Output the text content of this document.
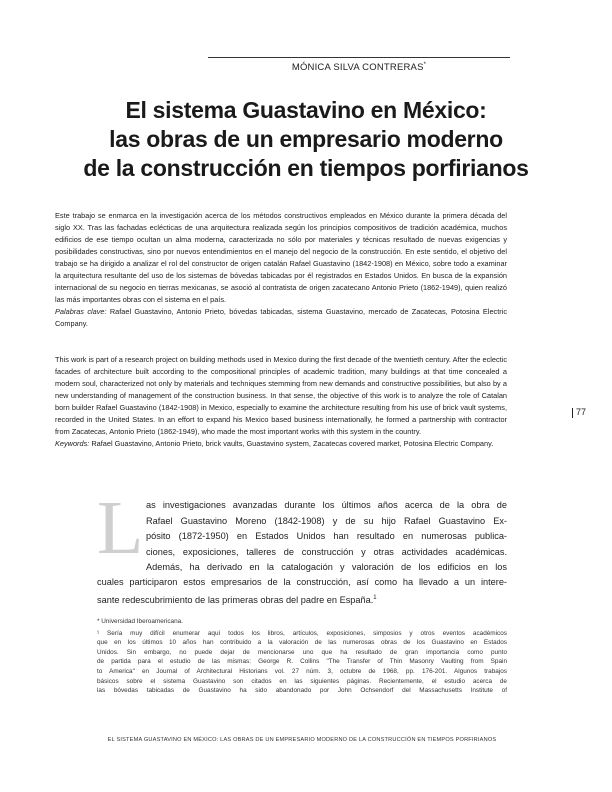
MÓNICA SILVA CONTRERAS*
El sistema Guastavino en México:
las obras de un empresario moderno
de la construcción en tiempos porfirianos

Este trabajo se enmarca en la investigación acerca de los métodos constructivos empleados en México durante la primera década del siglo XX. Tras las fachadas eclécticas de una arquitectura realizada según los principios compositivos de tradición académica, muchos edificios de ese tiempo ocultan un alma moderna, caracterizada no sólo por materiales y técnicas resultado de nuevas exigencias y posibilidades constructivas, sino por nuevos entendimientos en el manejo del negocio de la construcción. En este sentido, el objetivo del trabajo se ha dirigido a analizar el rol del constructor de origen catalán Rafael Guastavino (1842-1908) en México, sobre todo a examinar la arquitectura resultante del uso de los sistemas de bóvedas tabicadas por él registrados en Estados Unidos. En busca de la expansión internacional de su negocio en tierras mexicanas, se asoció al contratista de origen zacatecano Antonio Prieto (1862-1949), quien realizó las más importantes obras con el sistema en el país.

Palabras clave: Rafael Guastavino, Antonio Prieto, bóvedas tabicadas, sistema Guastavino, mercado de Zacatecas, Potosina Electric Company.

This work is part of a research project on building methods used in Mexico during the first decade of the twentieth century. After the eclectic facades of architecture built according to the compositional principles of academic tradition, many buildings at that time concealed a modern soul, characterized not only by materials and techniques stemming from new demands and constructive possibilities, but also by a new understanding of management of the construction business. In that sense, the objective of this work is to analyze the role of Catalan born builder Rafael Guastavino (1842-1908) in Mexico, especially to examine the architecture resulting from his use of brick vault systems, recorded in the United States. In an effort to expand his Mexico based business internationally, he formed a partnership with contractor from Zacatecas, Antonio Prieto (1862-1949), who made the most important works with this system in the country.

Keywords: Rafael Guastavino, Antonio Prieto, brick vaults, Guastavino system, Zacatecas covered market, Potosina Electric Company.

77
L as investigaciones avanzadas durante los últimos años acerca de la obra de
Rafael Guastavino Moreno (1842-1908) y de su hijo Rafael Guastavino Ex-
pósito (1872-1950) en Estados Unidos han resultado en numerosas publica-
ciones, exposiciones, talleres de construcción y otras actividades académicas.
Además, ha derivado en la catalogación y valoración de los edificios en los
cuales participaron estos empresarios de la construcción, así como ha llevado a un intere-
sante redescubrimiento de las primeras obras del padre en España.$^1$

* Universidad Iberoamericana.

¹ Sería muy difícil enumerar aquí todos los libros, artículos, exposiciones, simposios y otros eventos académicos
que en los últimos 10 años han contribuido a la valoración de las numerosas obras de los Guastavino en Estados
Unidos. Sin embargo, no puede dejar de mencionarse uno que ha resultado de gran importancia como punto
de partida para el estudio de las mismas: George R. Collins "The Transfer of Thin Masonry Vaulting from Spain
to America" en Journal of Architectural Historians vol. 27 núm. 3, octubre de 1968, pp. 176-201. Algunos trabajos
básicos sobre el sistema Guastavino son citados en las siguientes páginas. Recientemente, el estudio acerca de
las bóvedas tabicadas de Guastavino ha sido abandonado por John Ochsendorf del Massachusetts Institute of
EL SISTEMA GUASTAVINO EN MÉXICO: LAS OBRAS DE UN EMPRESARIO MODERNO DE LA CONSTRUCCIÓN EN TIEMPOS PORFIRIANOS
